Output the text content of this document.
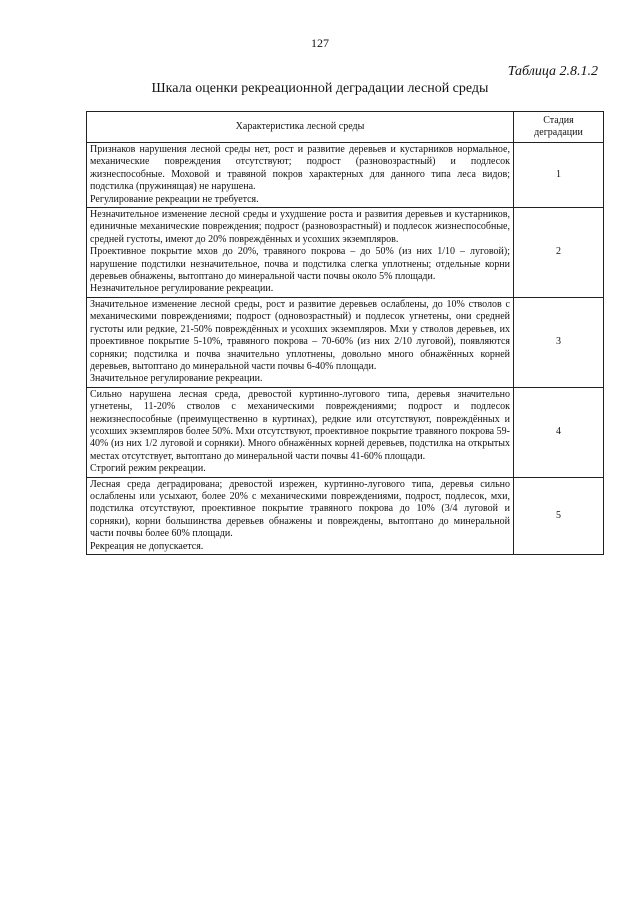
127
Таблица 2.8.1.2
Шкала оценки рекреационной деградации лесной среды
Характеристика лесной среды	Стадия
деградации

Признаков нарушения лесной среды нет, рост и развитие деревьев и кустарников нормальное, механические повреждения отсутствуют; подрост (разновозрастный) и подлесок жизнеспособные. Моховой и травяной покров характерных для данного типа леса видов; подстилка (пружинящая) не нарушена.
Регулирование рекреации не требуется.	1

Незначительное изменение лесной среды и ухудшение роста и развития деревьев и кустарников, единичные механические повреждения; подрост (разновозрастный) и подлесок жизнеспособные, средней густоты, имеют до 20% повреждённых и усохших экземпляров.
Проективное покрытие мхов до 20%, травяного покрова – до 50% (из них 1/10 – луговой); нарушение подстилки незначительное, почва и подстилка слегка уплотнены; отдельные корни деревьев обнажены, вытоптано до минеральной части почвы около 5% площади.
Незначительное регулирование рекреации.	2

Значительное изменение лесной среды, рост и развитие деревьев ослаблены, до 10% стволов с механическими повреждениями; подрост (одновозрастный) и подлесок угнетены, они средней густоты или редкие, 21-50% повреждённых и усохших экземпляров. Мхи у стволов деревьев, их проективное покрытие 5-10%, травяного покрова – 70-60% (из них 2/10 луговой), появляются сорняки; подстилка и почва значительно уплотнены, довольно много обнажённых корней деревьев, вытоптано до минеральной части почвы 6-40% площади.
Значительное регулирование рекреации.	3

Сильно нарушена лесная среда, древостой куртинно-лугового типа, деревья значительно угнетены, 11-20% стволов с механическими повреждениями; подрост и подлесок нежизнеспособные (преимущественно в куртинах), редкие или отсутствуют, повреждённых и усохших экземпляров более 50%. Мхи отсутствуют, проективное покрытие травяного покрова 59-40% (из них 1/2 луговой и сорняки). Много обнажённых корней деревьев, подстилка на открытых местах отсутствует, вытоптано до минеральной части почвы 41-60% площади.
Строгий режим рекреации.	4

Лесная среда деградирована; древостой изрежен, куртинно-лугового типа, деревья сильно ослаблены или усыхают, более 20% с механическими повреждениями, подрост, подлесок, мхи, подстилка отсутствуют, проективное покрытие травяного покрова до 10% (3/4 луговой и сорняки), корни большинства деревьев обнажены и повреждены, вытоптано до минеральной части почвы более 60% площади.
Рекреация не допускается.	5
